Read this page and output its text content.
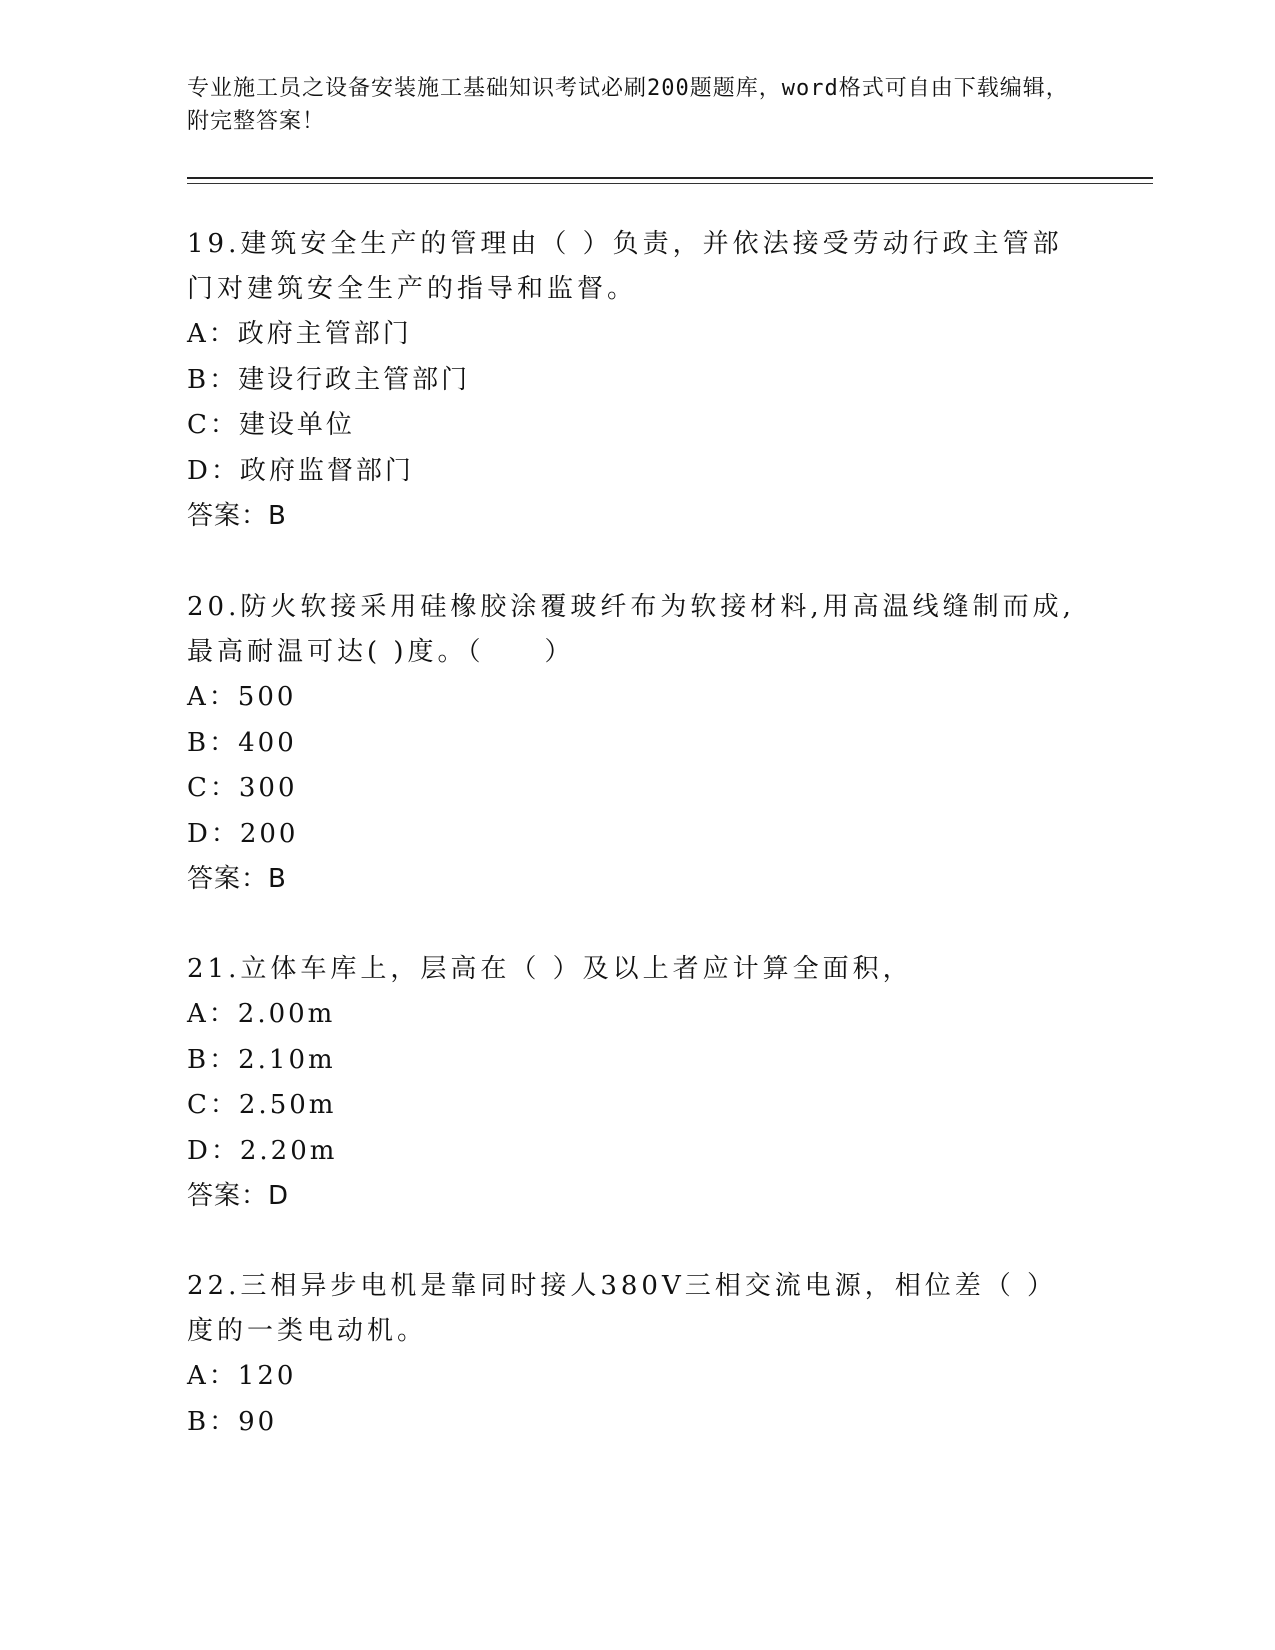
专业施工员之设备安装施工基础知识考试必刷200题题库，word格式可自由下载编辑，附完整答案！
19.建筑安全生产的管理由（ ）负责，并依法接受劳动行政主管部门对建筑安全生产的指导和监督。
A：政府主管部门
B：建设行政主管部门
C：建设单位
D：政府监督部门
答案：B
20.防火软接采用硅橡胶涂覆玻纤布为软接材料,用高温线缝制而成,最高耐温可达( )度。（　　）
A：500
B：400
C：300
D：200
答案：B
21.立体车库上，层高在（ ）及以上者应计算全面积，
A：2.00m
B：2.10m
C：2.50m
D：2.20m
答案：D
22.三相异步电机是靠同时接人380V三相交流电源，相位差（ ）度的一类电动机。
A：120
B：90
